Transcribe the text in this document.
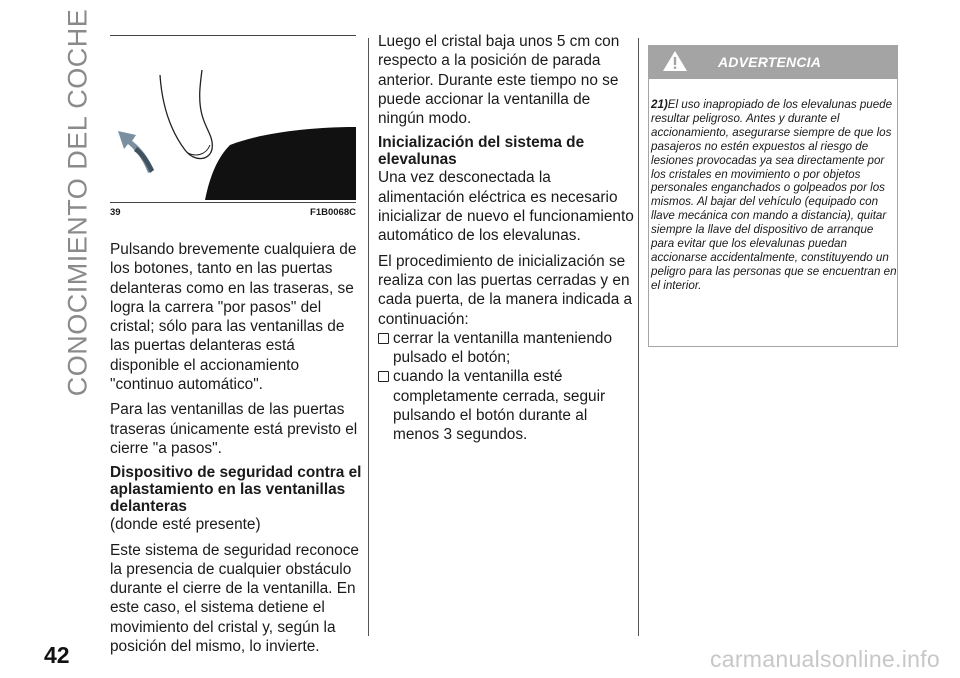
CONOCIMIENTO DEL COCHE
42
39	F1B0068C

Pulsando brevemente cualquiera de los botones, tanto en las puertas delanteras como en las traseras, se logra la carrera "por pasos" del cristal; sólo para las ventanillas de las puertas delanteras está disponible el accionamiento "continuo automático".

Para las ventanillas de las puertas traseras únicamente está previsto el cierre "a pasos".

Dispositivo de seguridad contra el aplastamiento en las ventanillas delanteras

(donde esté presente)

Este sistema de seguridad reconoce la presencia de cualquier obstáculo durante el cierre de la ventanilla. En este caso, el sistema detiene el movimiento del cristal y, según la posición del mismo, lo invierte.

Luego el cristal baja unos 5 cm con respecto a la posición de parada anterior. Durante este tiempo no se puede accionar la ventanilla de ningún modo.

Inicialización del sistema de elevalunas

Una vez desconectada la alimentación eléctrica es necesario inicializar de nuevo el funcionamiento automático de los elevalunas.

El procedimiento de inicialización se realiza con las puertas cerradas y en cada puerta, de la manera indicada a continuación:

cerrar la ventanilla manteniendo pulsado el botón;
cuando la ventanilla esté completamente cerrada, seguir pulsando el botón durante al menos 3 segundos.
ADVERTENCIA
21)El uso inapropiado de los elevalunas puede resultar peligroso. Antes y durante el accionamiento, asegurarse siempre de que los pasajeros no estén expuestos al riesgo de lesiones provocadas ya sea directamente por los cristales en movimiento o por objetos personales enganchados o golpeados por los mismos. Al bajar del vehículo (equipado con llave mecánica con mando a distancia), quitar siempre la llave del dispositivo de arranque para evitar que los elevalunas puedan accionarse accidentalmente, constituyendo un peligro para las personas que se encuentran en el interior.
carmanualsonline.info
